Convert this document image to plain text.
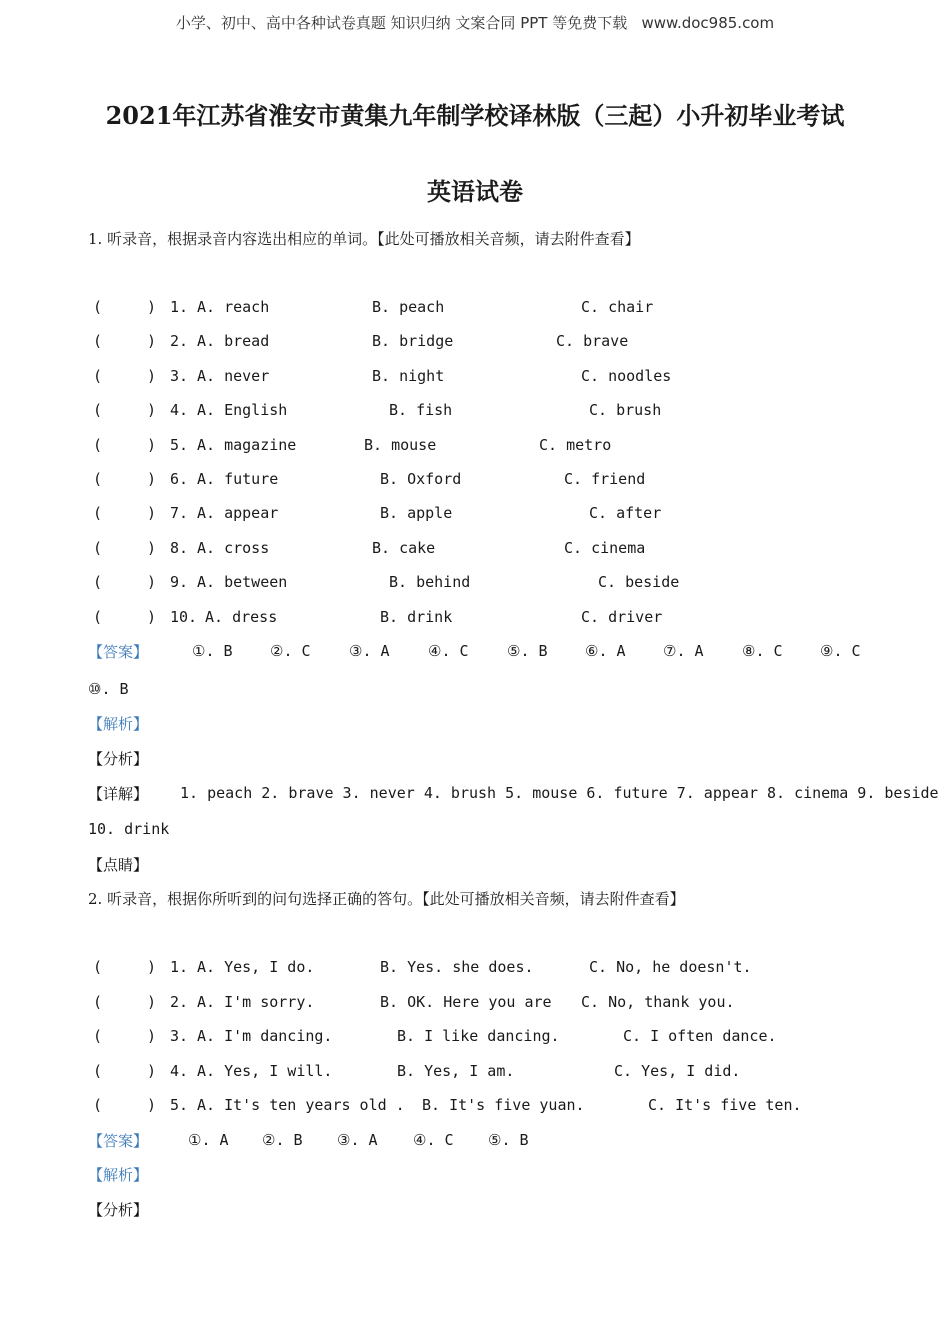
小学、初中、高中各种试卷真题 知识归纳 文案合同 PPT 等免费下载   www.doc985.com
2021年江苏省淮安市黄集九年制学校译林版（三起）小升初毕业考试
英语试卷
1. 听录音，根据录音内容选出相应的单词。【此处可播放相关音频，请去附件查看】
(	) 1. A. reach	B. peach	C. chair
(	) 2. A. bread	B. bridge	C. brave
(	) 3. A. never	B. night	C. noodles
(	) 4. A. English	B. fish	C. brush
(	) 5. A. magazine	B. mouse	C. metro
(	) 6. A. future	B. Oxford	C. friend
(	) 7. A. appear	B. apple	C. after
(	) 8. A. cross	B. cake	C. cinema
(	) 9. A. between	B. behind	C. beside
(	) 10. A. dress	B. drink	C. driver
【答案】	①. B ②. C	③. A	④. C	⑤. B ⑥. A ⑦. A	⑧. C ⑨. C
⑩. B
【解析】
【分析】
【详解】 1. peach 2. brave 3. never 4. brush 5. mouse 6. future 7. appear 8. cinema 9. beside
10. drink
【点睛】
2. 听录音，根据你所听到的问句选择正确的答句。【此处可播放相关音频，请去附件查看】
(	) 1. A. Yes, I do.	B. Yes. she does.	C. No, he doesn't.
(	) 2. A. I'm sorry.	B. OK. Here you are C. No, thank you.
(	) 3. A. I'm dancing.	B. I like dancing.	C. I often dance.
(	) 4. A. Yes, I will.	B. Yes, I am.	C. Yes, I did.
(	) 5. A. It's ten years old . B. It's five yuan.	C. It's five ten.
【答案】	①. A ②. B ③. A ④. C ⑤. B
【解析】
【分析】
